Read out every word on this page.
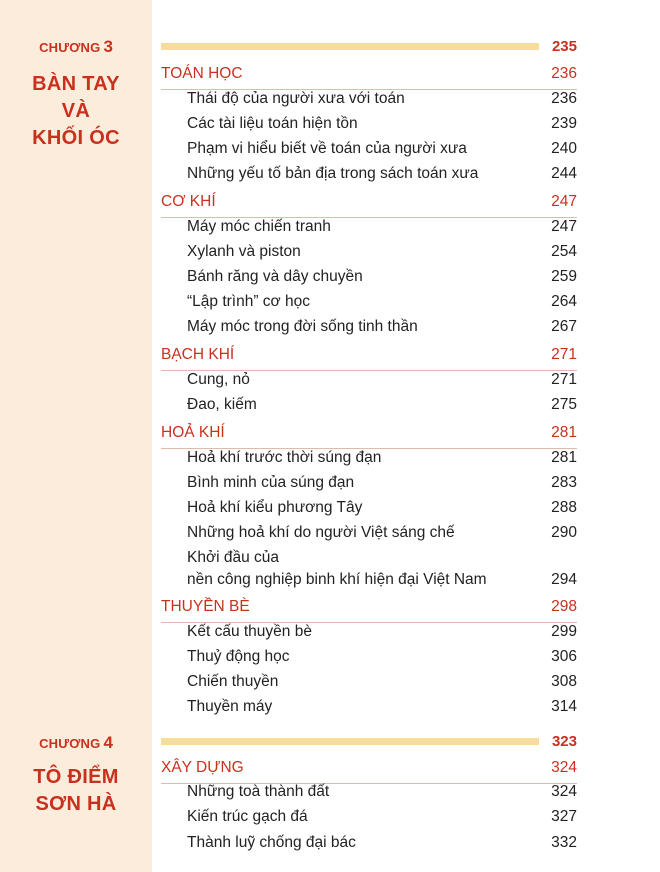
CHƯƠNG 3
BÀN TAY
VÀ
KHỐI ÓC
235
TOÁN HỌC	236
Thái độ của người xưa với toán	236
Các tài liệu toán hiện tồn	239
Phạm vi hiểu biết về toán của người xưa	240
Những yếu tố bản địa trong sách toán xưa	244
CƠ KHÍ	247
Máy móc chiến tranh	247
Xylanh và piston	254
Bánh răng và dây chuyền	259
“Lập trình” cơ học	264
Máy móc trong đời sống tinh thần	267
BẠCH KHÍ	271
Cung, nỏ	271
Đao, kiếm	275
HOẢ KHÍ	281
Hoả khí trước thời súng đạn	281
Bình minh của súng đạn	283
Hoả khí kiểu phương Tây	288
Những hoả khí do người Việt sáng chế	290
Khởi đầu của
nền công nghiệp binh khí hiện đại Việt Nam	294
THUYỀN BÈ	298
Kết cấu thuyền bè	299
Thuỷ động học	306
Chiến thuyền	308
Thuyền máy	314
CHƯƠNG 4
TÔ ĐIỂM
SƠN HÀ
323
XÂY DỰNG	324
Những toà thành đất	324
Kiến trúc gạch đá	327
Thành luỹ chống đại bác	332
